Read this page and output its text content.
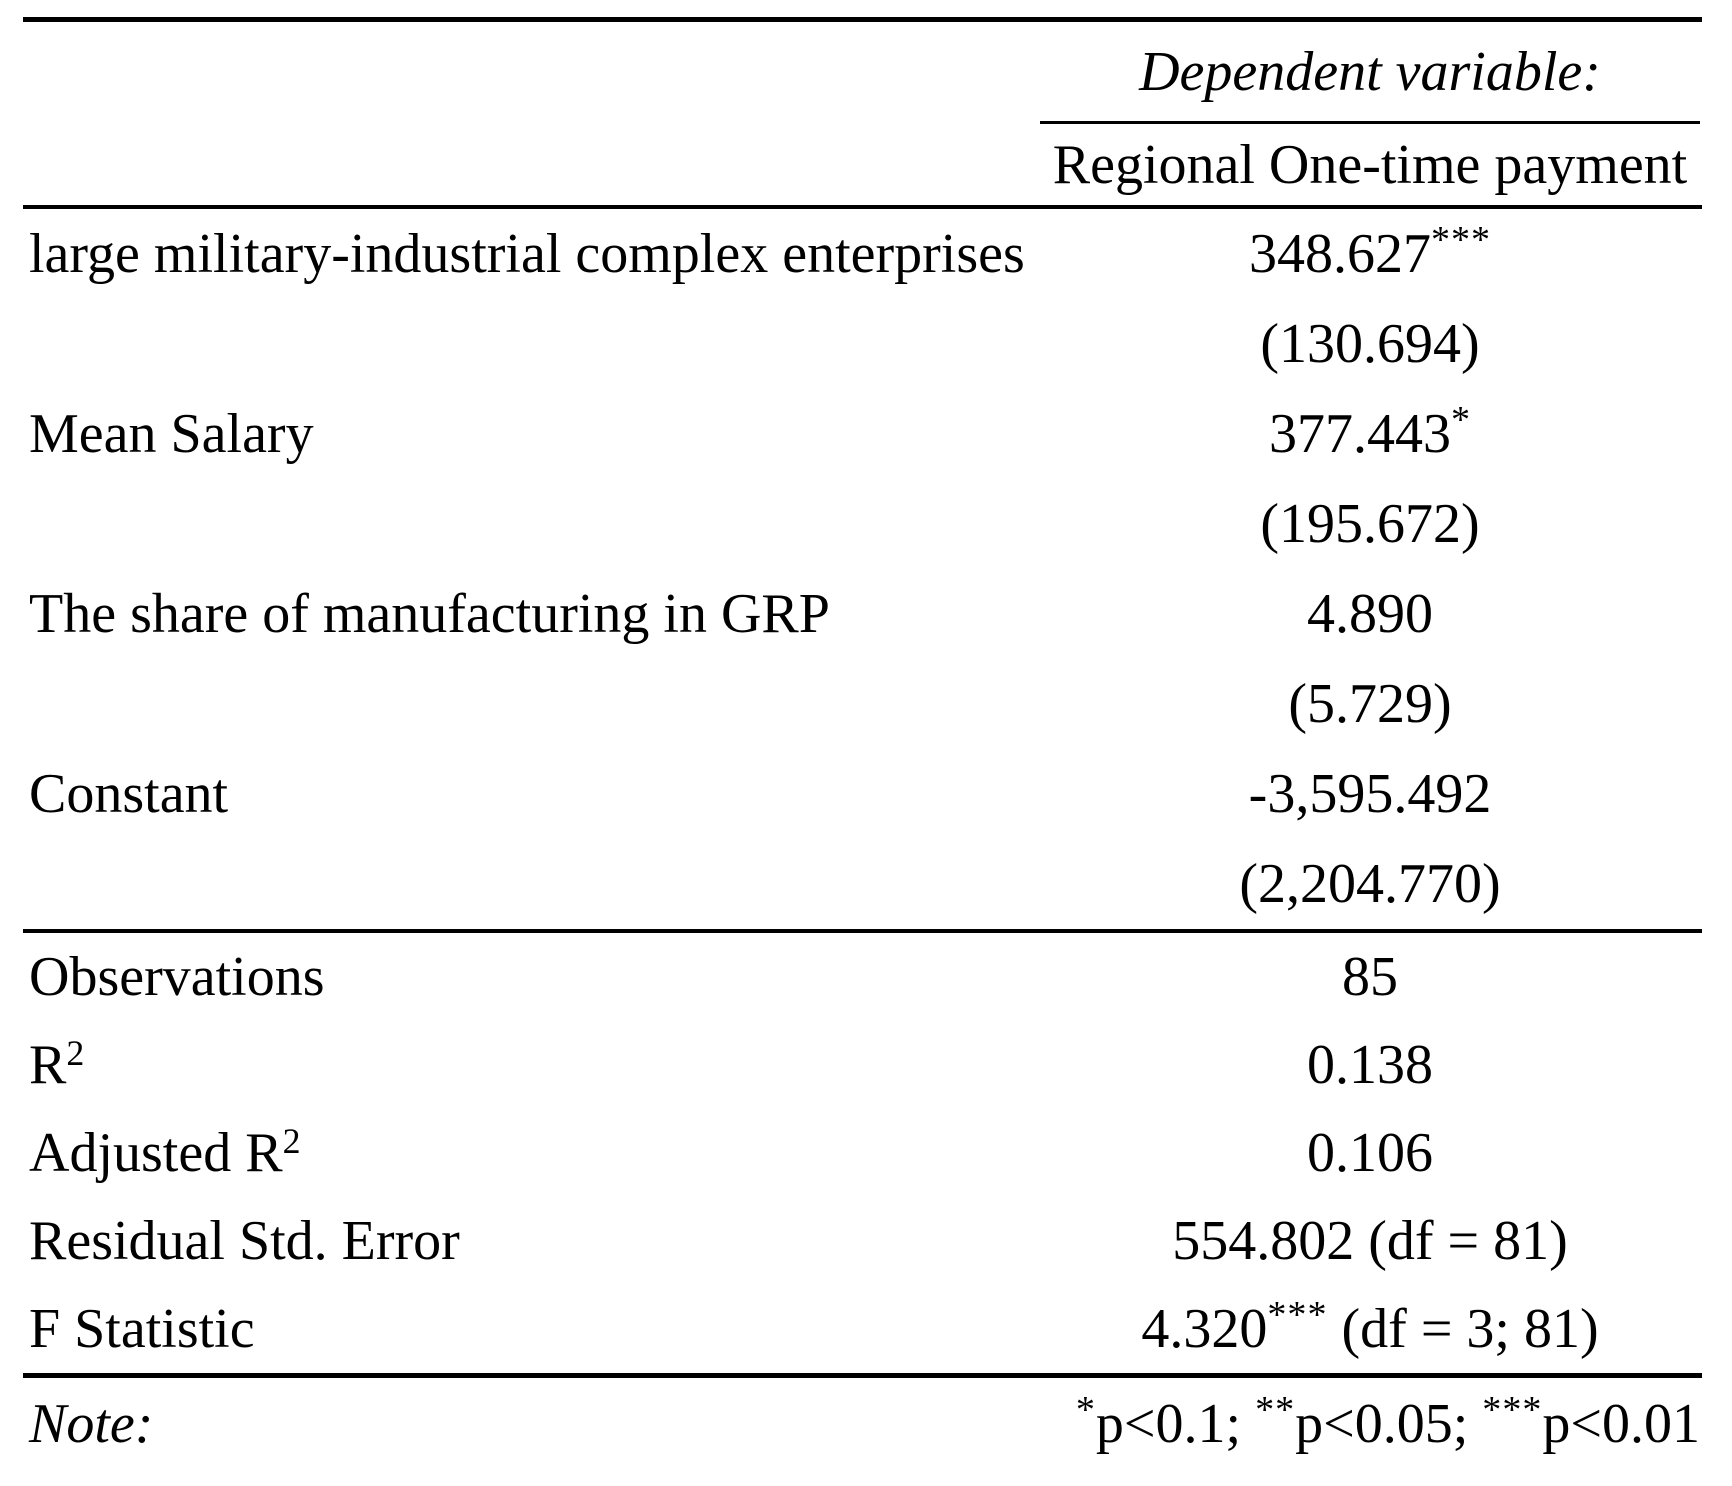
Dependent variable:
Regional One-time payment
large military-industrial complex enterprises	348.627***
(130.694)
Mean Salary	377.443*
(195.672)
The share of manufacturing in GRP	4.890
(5.729)
Constant	-3,595.492
(2,204.770)
Observations	85
$R^2$	0.138
Adjusted $R^2$	0.106
Residual Std. Error	554.802 (df = 81)
F Statistic	4.320*** (df = 3; 81)
Note:	*p<0.1; **p<0.05; ***p<0.01
